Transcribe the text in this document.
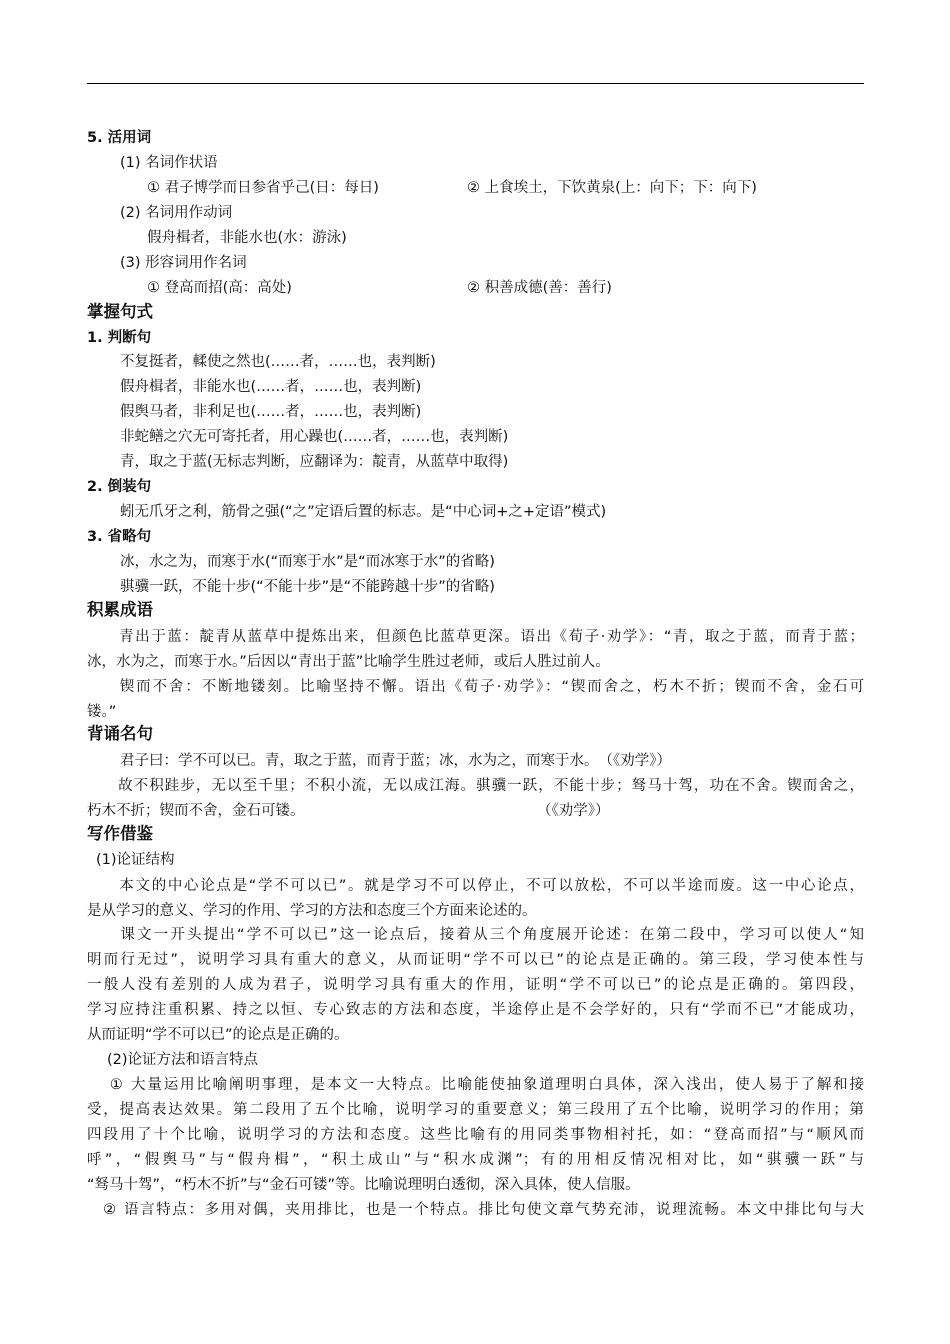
5. 活用词
(1) 名词作状语
① 君子博学而日参省乎己(日：每日)	② 上食埃土，下饮黄泉(上：向下；下：向下)
(2) 名词用作动词
假舟楫者，非能水也(水：游泳)
(3) 形容词用作名词
① 登高而招(高：高处)	② 积善成德(善：善行)
掌握句式
1. 判断句
不复挺者，輮使之然也(……者，……也，表判断)
假舟楫者，非能水也(……者，……也，表判断)
假舆马者，非利足也(……者，……也，表判断)
非蛇鳝之穴无可寄托者，用心躁也(……者，……也，表判断)
青，取之于蓝(无标志判断，应翻译为：靛青，从蓝草中取得)
2. 倒装句
蚓无爪牙之利，筋骨之强(“之”定语后置的标志。是“中心词+之+定语”模式)
3. 省略句
冰，水之为，而寒于水(“而寒于水”是“而冰寒于水”的省略)
骐骥一跃，不能十步(“不能十步”是“不能跨越十步”的省略)
积累成语
　　青出于蓝：靛青从蓝草中提炼出来，但颜色比蓝草更深。语出《荀子·劝学》：“青，取之于蓝，而青于蓝；
冰，水为之，而寒于水。”后因以“青出于蓝”比喻学生胜过老师，或后人胜过前人。
　　锲而不舍：不断地镂刻。比喻坚持不懈。语出《荀子·劝学》：“锲而舍之，朽木不折；锲而不舍，金石可
镂。”
背诵名句
君子曰：学不可以已。青，取之于蓝，而青于蓝；冰，水为之，而寒于水。　（《劝学》）
　　故不积跬步，无以至千里；不积小流，无以成江海。骐骥一跃，不能十步；驽马十驾，功在不舍。锲而舍之，
朽木不折；锲而不舍，金石可镂。	（《劝学》）
写作借鉴
(1)论证结构
　　本文的中心论点是“学不可以已”。就是学习不可以停止，不可以放松，不可以半途而废。这一中心论点，
是从学习的意义、学习的作用、学习的方法和态度三个方面来论述的。
　　课文一开头提出“学不可以已”这一论点后，接着从三个角度展开论述：在第二段中，学习可以使人“知
明而行无过”，说明学习具有重大的意义，从而证明“学不可以已”的论点是正确的。第三段，学习使本性与
一般人没有差别的人成为君子，说明学习具有重大的作用，证明“学不可以已”的论点是正确的。第四段，
学习应持注重积累、持之以恒、专心致志的方法和态度，半途停止是不会学好的，只有“学而不已”才能成功，
从而证明“学不可以已”的论点是正确的。
(2)论证方法和语言特点
　 ① 大量运用比喻阐明事理，是本文一大特点。比喻能使抽象道理明白具体，深入浅出，使人易于了解和接
受，提高表达效果。第二段用了五个比喻，说明学习的重要意义；第三段用了五个比喻，说明学习的作用；第
四段用了十个比喻，说明学习的方法和态度。这些比喻有的用同类事物相衬托，如：“登高而招”与“顺风而
呼”，“假舆马”与“假舟楫”，“积土成山”与“积水成渊”；有的用相反情况相对比，如“骐骥一跃”与
“驽马十驾”，“朽木不折”与“金石可镂”等。比喻说理明白透彻，深入具体，使人信服。
　② 语言特点：多用对偶，夹用排比，也是一个特点。排比句使文章气势充沛，说理流畅。本文中排比句与大
